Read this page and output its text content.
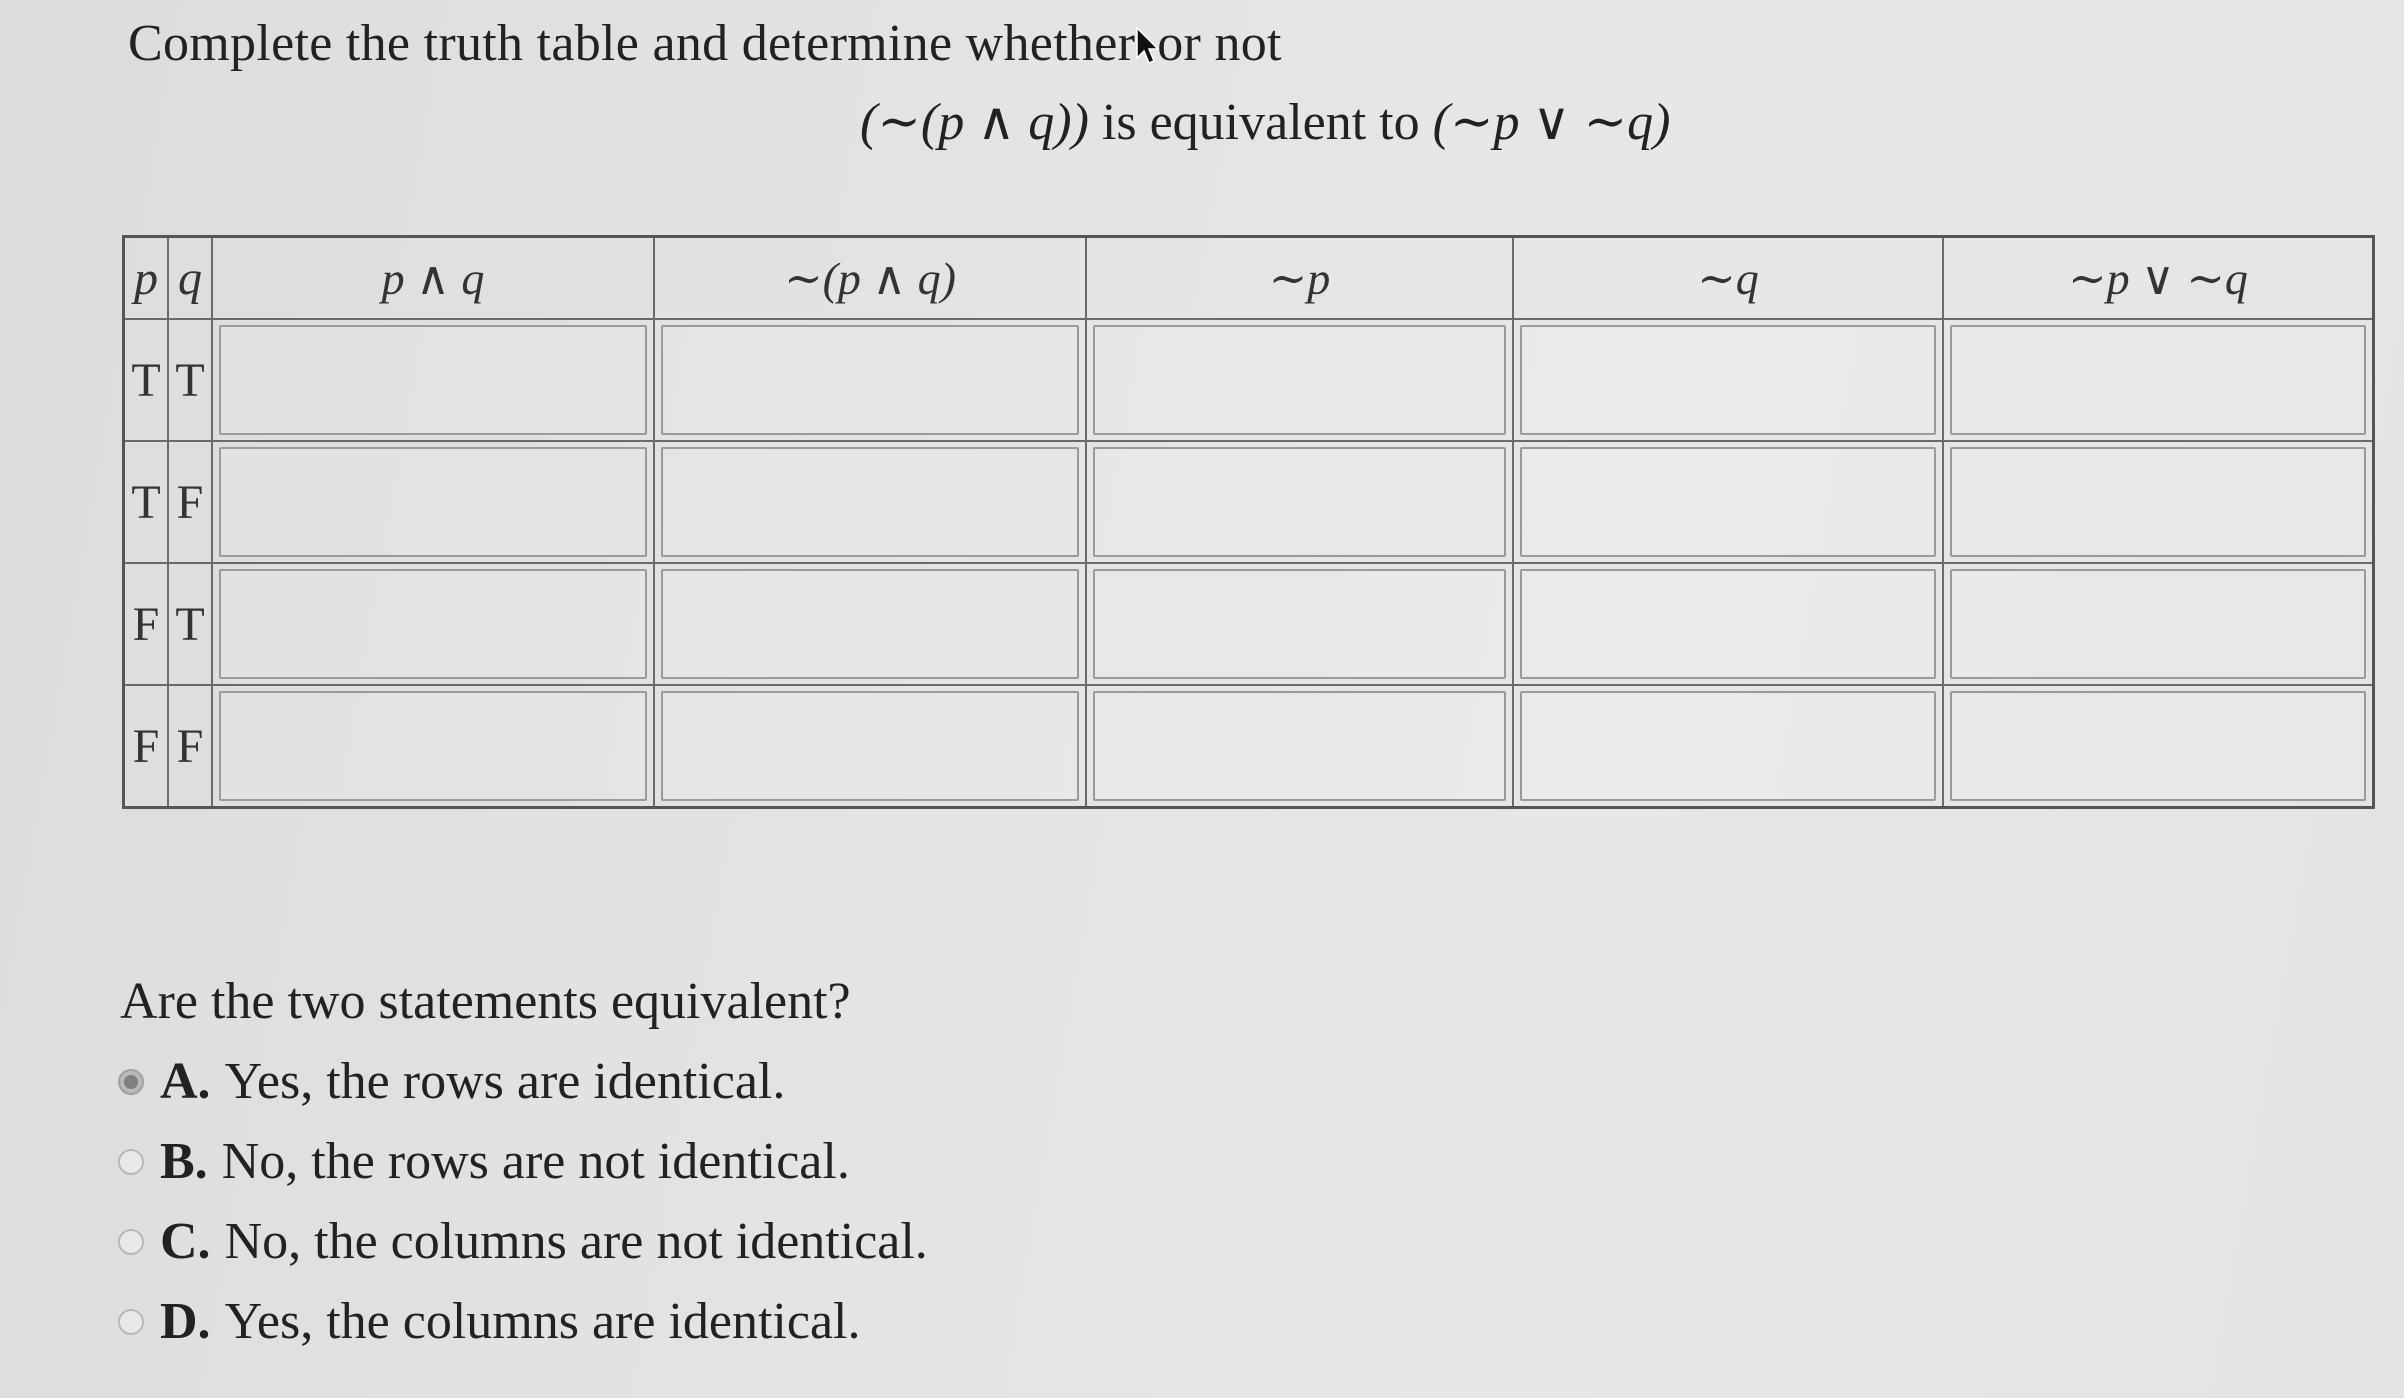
Complete the truth table and determine whether or not
(∼(p ∧ q)) is equivalent to (∼p ∨ ∼q)
p	q	p ∧ q	∼(p ∧ q)	∼p	∼q	∼p ∨ ∼q
T	T	

T	F	

F	T	

F	F	

Are the two statements equivalent?
A. Yes, the rows are identical.
B. No, the rows are not identical.
C. No, the columns are not identical.
D. Yes, the columns are identical.
